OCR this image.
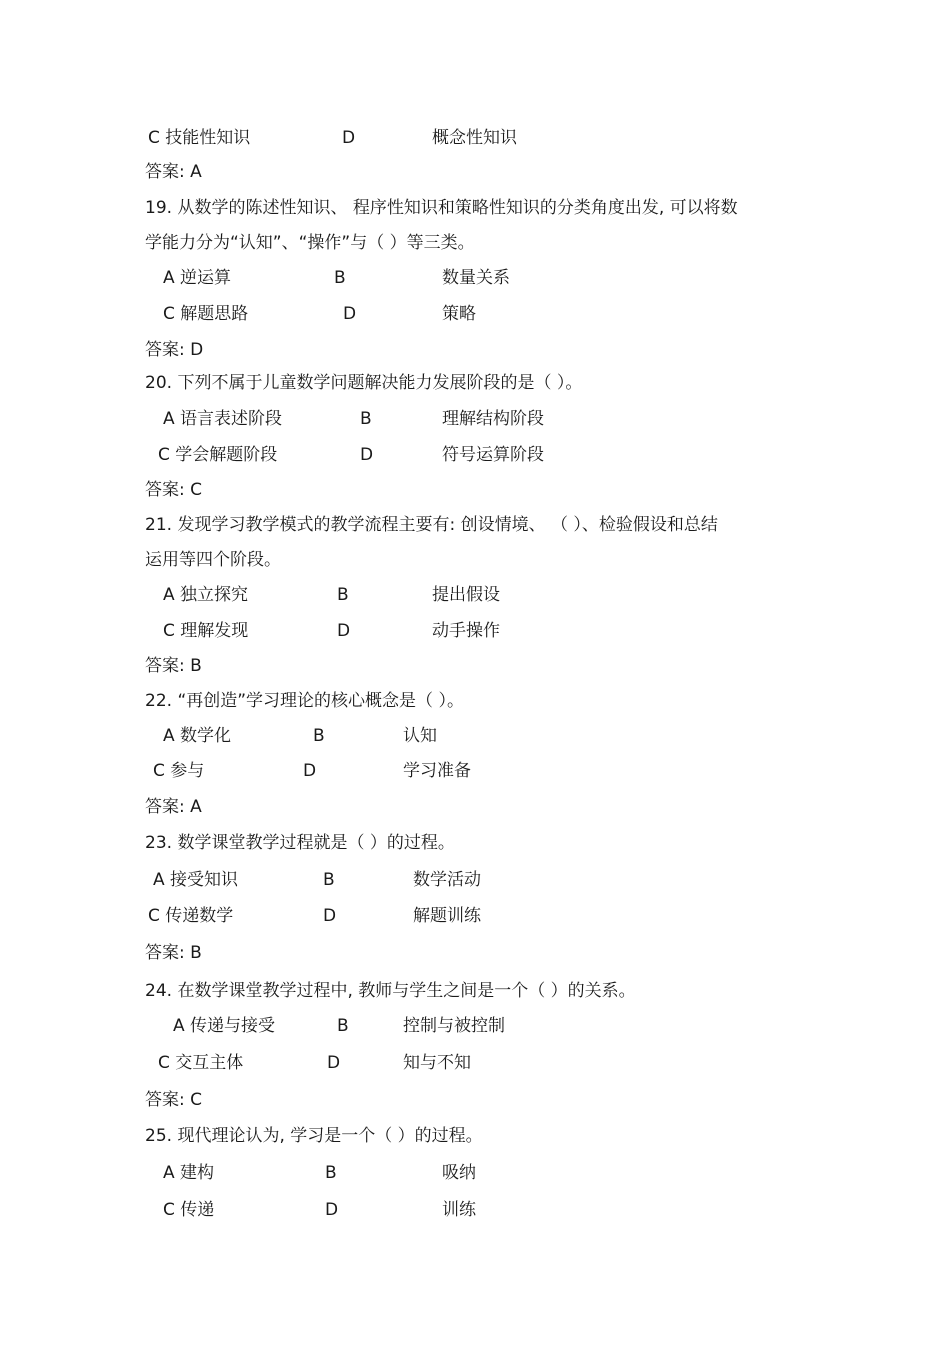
C 技能性知识	D	概念性知识
答案: A
19. 从数学的陈述性知识、 程序性知识和策略性知识的分类角度出发, 可以将数
学能力分为“认知”、“操作”与（ ）等三类。
A 逆运算	B	数量关系
C 解题思路	D	策略
答案: D
20. 下列不属于儿童数学问题解决能力发展阶段的是（ ）。
A 语言表述阶段	B	理解结构阶段
C 学会解题阶段	D	符号运算阶段
答案: C
21. 发现学习教学模式的教学流程主要有: 创设情境、 （ ）、检验假设和总结
运用等四个阶段。
A 独立探究	B	提出假设
C 理解发现	D	动手操作
答案: B
22. “再创造”学习理论的核心概念是（ ）。
A 数学化	B	认知
C 参与	D	学习准备
答案: A
23. 数学课堂教学过程就是（ ）的过程。
A 接受知识	B	数学活动
C 传递数学	D	解题训练
答案: B
24. 在数学课堂教学过程中, 教师与学生之间是一个（ ）的关系。
A 传递与接受	B	控制与被控制
C 交互主体	D	知与不知
答案: C
25. 现代理论认为, 学习是一个（ ）的过程。
A 建构	B	吸纳
C 传递	D	训练
